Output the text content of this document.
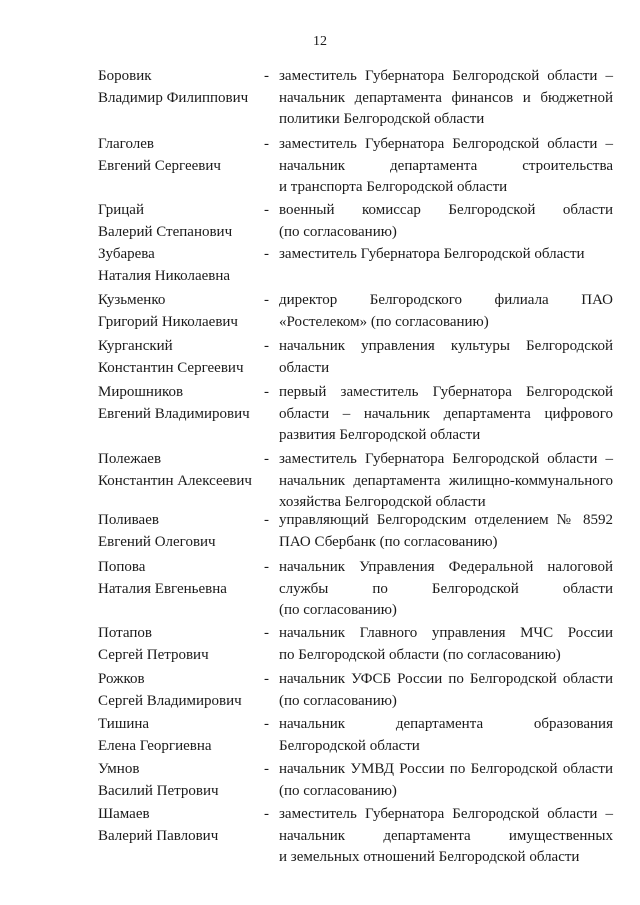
12
Боровик
Владимир Филиппович
- заместитель Губернатора Белгородской области –
начальник департамента финансов и бюджетной
политики Белгородской области
Глаголев
Евгений Сергеевич
- заместитель Губернатора Белгородской области –
начальник департамента строительства
и транспорта Белгородской области
Грицай
Валерий Степанович
- военный комиссар Белгородской области
(по согласованию)
Зубарева
Наталия Николаевна
- заместитель Губернатора Белгородской области
Кузьменко
Григорий Николаевич
- директор Белгородского филиала ПАО
«Ростелеком» (по согласованию)
Курганский
Константин Сергеевич
- начальник управления культуры Белгородской
области
Мирошников
Евгений Владимирович
- первый заместитель Губернатора Белгородской
области – начальник департамента цифрового
развития Белгородской области
Полежаев
Константин Алексеевич
- заместитель Губернатора Белгородской области –
начальник департамента жилищно-коммунального
хозяйства Белгородской области
Поливаев
Евгений Олегович
- управляющий Белгородским отделением № 8592
ПАО Сбербанк (по согласованию)
Попова
Наталия Евгеньевна
- начальник Управления Федеральной налоговой
службы по Белгородской области
(по согласованию)
Потапов
Сергей Петрович
- начальник Главного управления МЧС России
по Белгородской области (по согласованию)
Рожков
Сергей Владимирович
- начальник УФСБ России по Белгородской области
(по согласованию)
Тишина
Елена Георгиевна
- начальник департамента образования
Белгородской области
Умнов
Василий Петрович
- начальник УМВД России по Белгородской области
(по согласованию)
Шамаев
Валерий Павлович
- заместитель Губернатора Белгородской области –
начальник департамента имущественных
и земельных отношений Белгородской области
